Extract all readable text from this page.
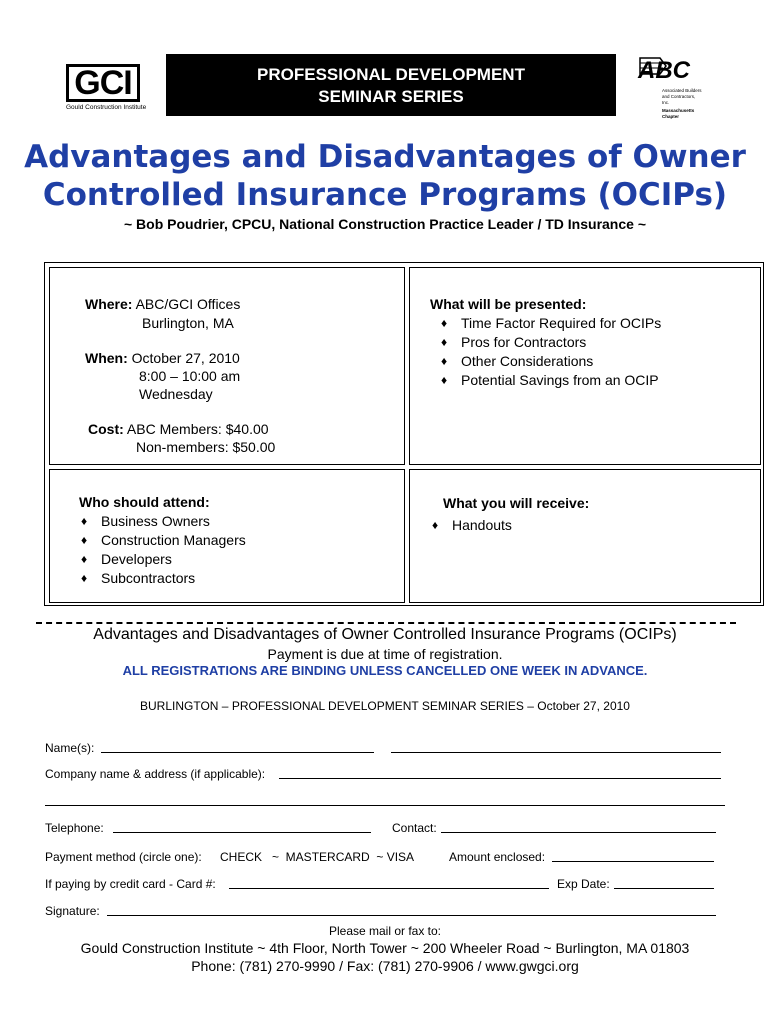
GCI
Gould Construction Institute
PROFESSIONAL DEVELOPMENT
SEMINAR SERIES
ABC
Associated Builders and Contractors, Inc.
Massachusetts Chapter
Advantages and Disadvantages of Owner
Controlled Insurance Programs (OCIPs)
~ Bob Poudrier, CPCU, National Construction Practice Leader / TD Insurance ~
Where: ABC/GCI Offices
Burlington, MA
When: October 27, 2010
8:00 – 10:00 am
Wednesday
Cost: ABC Members: $40.00
Non-members: $50.00
What will be presented:
♦ Time Factor Required for OCIPs
♦ Pros for Contractors
♦ Other Considerations
♦ Potential Savings from an OCIP
Who should attend:
♦ Business Owners
♦ Construction Managers
♦ Developers
♦ Subcontractors
What you will receive:
♦ Handouts
Advantages and Disadvantages of Owner Controlled Insurance Programs (OCIPs)
Payment is due at time of registration.
ALL REGISTRATIONS ARE BINDING UNLESS CANCELLED ONE WEEK IN ADVANCE.
BURLINGTON – PROFESSIONAL DEVELOPMENT SEMINAR SERIES – October 27, 2010
Name(s):
Company name & address (if applicable):
Telephone:	Contact:
Payment method (circle one): CHECK   ~  MASTERCARD  ~ VISA	Amount enclosed:
If paying by credit card - Card #:	Exp Date:
Signature:
Please mail or fax to:
Gould Construction Institute ~ 4th Floor, North Tower ~ 200 Wheeler Road ~ Burlington, MA 01803
Phone: (781) 270-9990 / Fax: (781) 270-9906 / www.gwgci.org
